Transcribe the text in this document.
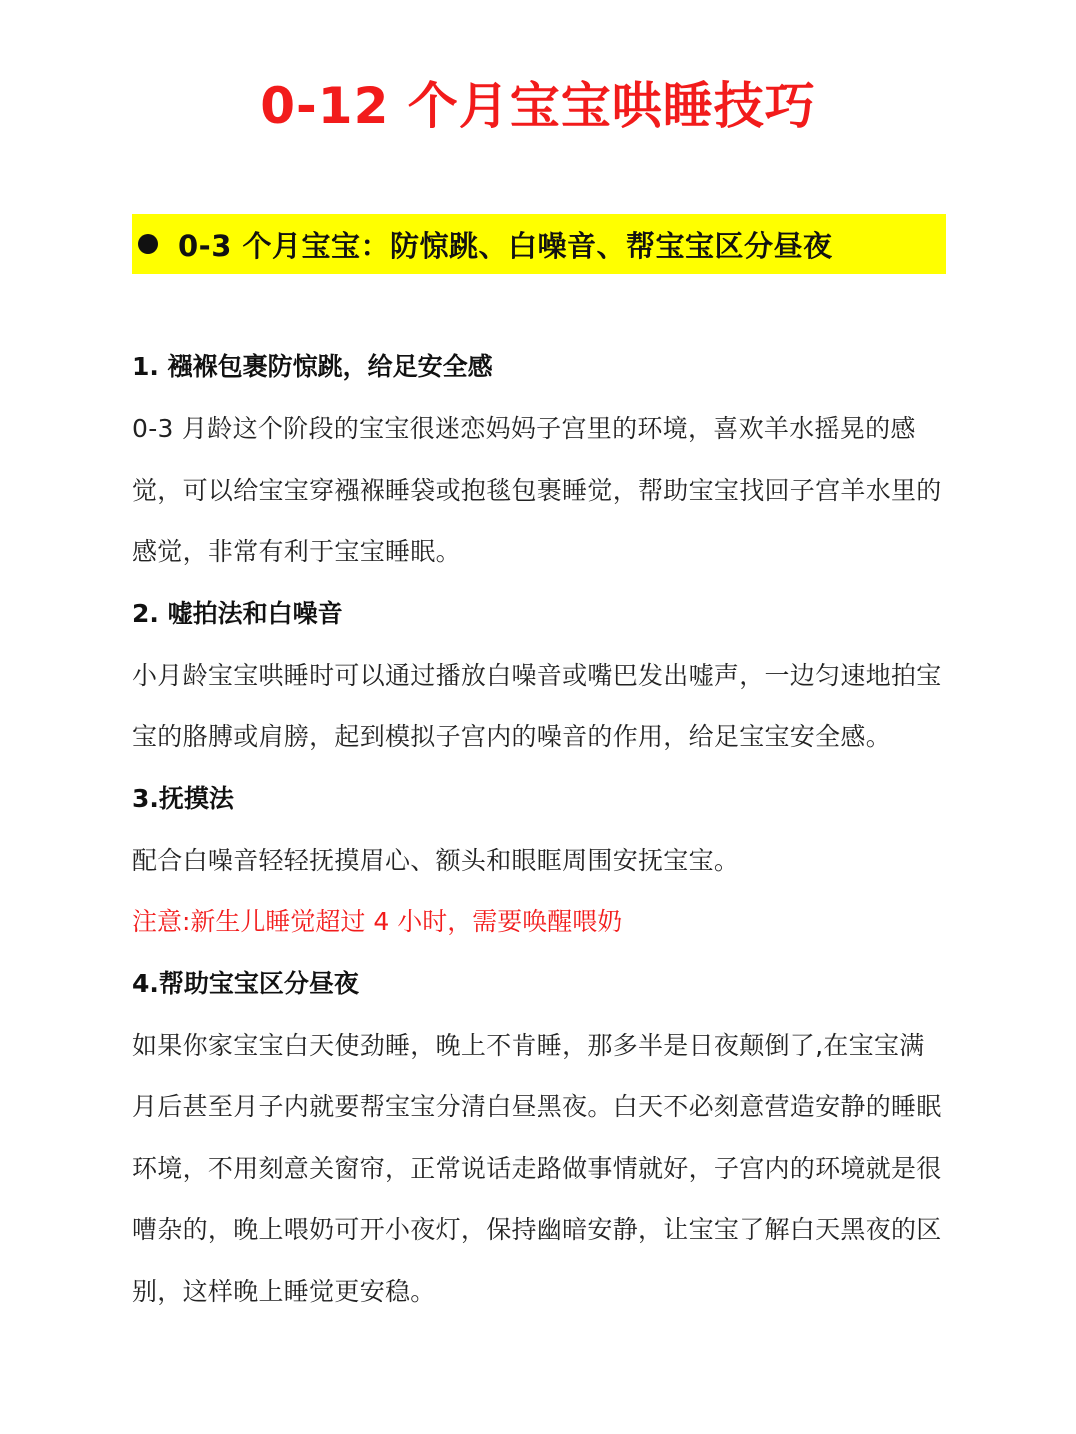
0-12 个月宝宝哄睡技巧
0-3 个月宝宝：防惊跳、白噪音、帮宝宝区分昼夜
1. 襁褓包裹防惊跳，给足安全感
0-3 月龄这个阶段的宝宝很迷恋妈妈子宫里的环境，喜欢羊水摇晃的感觉，可以给宝宝穿襁褓睡袋或抱毯包裹睡觉，帮助宝宝找回子宫羊水里的感觉，非常有利于宝宝睡眠。
2. 嘘拍法和白噪音
小月龄宝宝哄睡时可以通过播放白噪音或嘴巴发出嘘声，一边匀速地拍宝宝的胳膊或肩膀，起到模拟子宫内的噪音的作用，给足宝宝安全感。
3.抚摸法
配合白噪音轻轻抚摸眉心、额头和眼眶周围安抚宝宝。
注意:新生儿睡觉超过 4 小时，需要唤醒喂奶
4.帮助宝宝区分昼夜
如果你家宝宝白天使劲睡，晚上不肯睡，那多半是日夜颠倒了,在宝宝满月后甚至月子内就要帮宝宝分清白昼黑夜。白天不必刻意营造安静的睡眠环境，不用刻意关窗帘，正常说话走路做事情就好，子宫内的环境就是很嘈杂的，晚上喂奶可开小夜灯，保持幽暗安静，让宝宝了解白天黑夜的区别，这样晚上睡觉更安稳。
